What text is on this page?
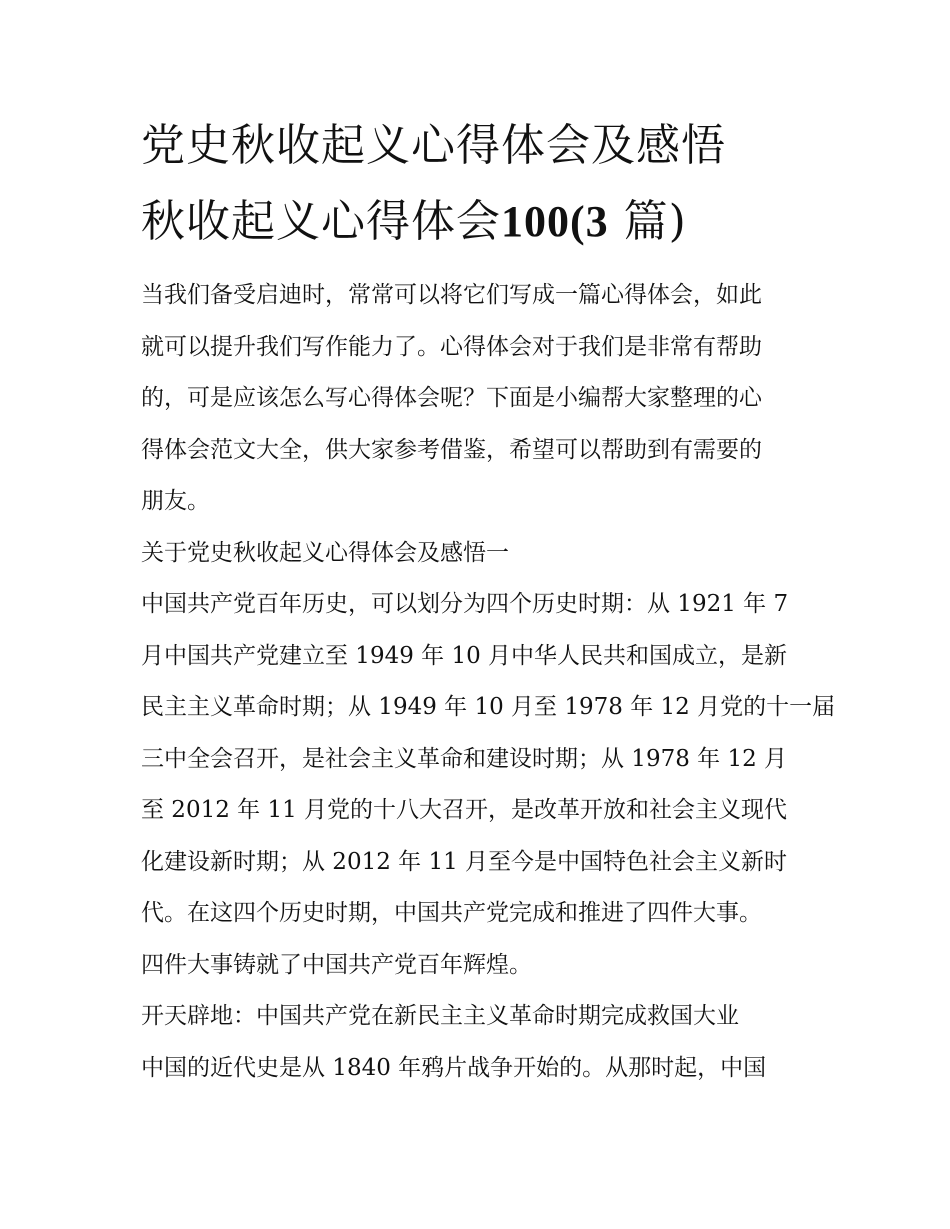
党史秋收起义心得体会及感悟
秋收起义心得体会100(3 篇)

当我们备受启迪时，常常可以将它们写成一篇心得体会，如此
就可以提升我们写作能力了。心得体会对于我们是非常有帮助
的，可是应该怎么写心得体会呢？下面是小编帮大家整理的心
得体会范文大全，供大家参考借鉴，希望可以帮助到有需要的
朋友。

关于党史秋收起义心得体会及感悟一

中国共产党百年历史，可以划分为四个历史时期：从 1921 年 7
月中国共产党建立至 1949 年 10 月中华人民共和国成立，是新
民主主义革命时期；从 1949 年 10 月至 1978 年 12 月党的十一届
三中全会召开，是社会主义革命和建设时期；从 1978 年 12 月
至 2012 年 11 月党的十八大召开，是改革开放和社会主义现代
化建设新时期；从 2012 年 11 月至今是中国特色社会主义新时
代。在这四个历史时期，中国共产党完成和推进了四件大事。
四件大事铸就了中国共产党百年辉煌。

开天辟地：中国共产党在新民主主义革命时期完成救国大业

中国的近代史是从 1840 年鸦片战争开始的。从那时起，中国
